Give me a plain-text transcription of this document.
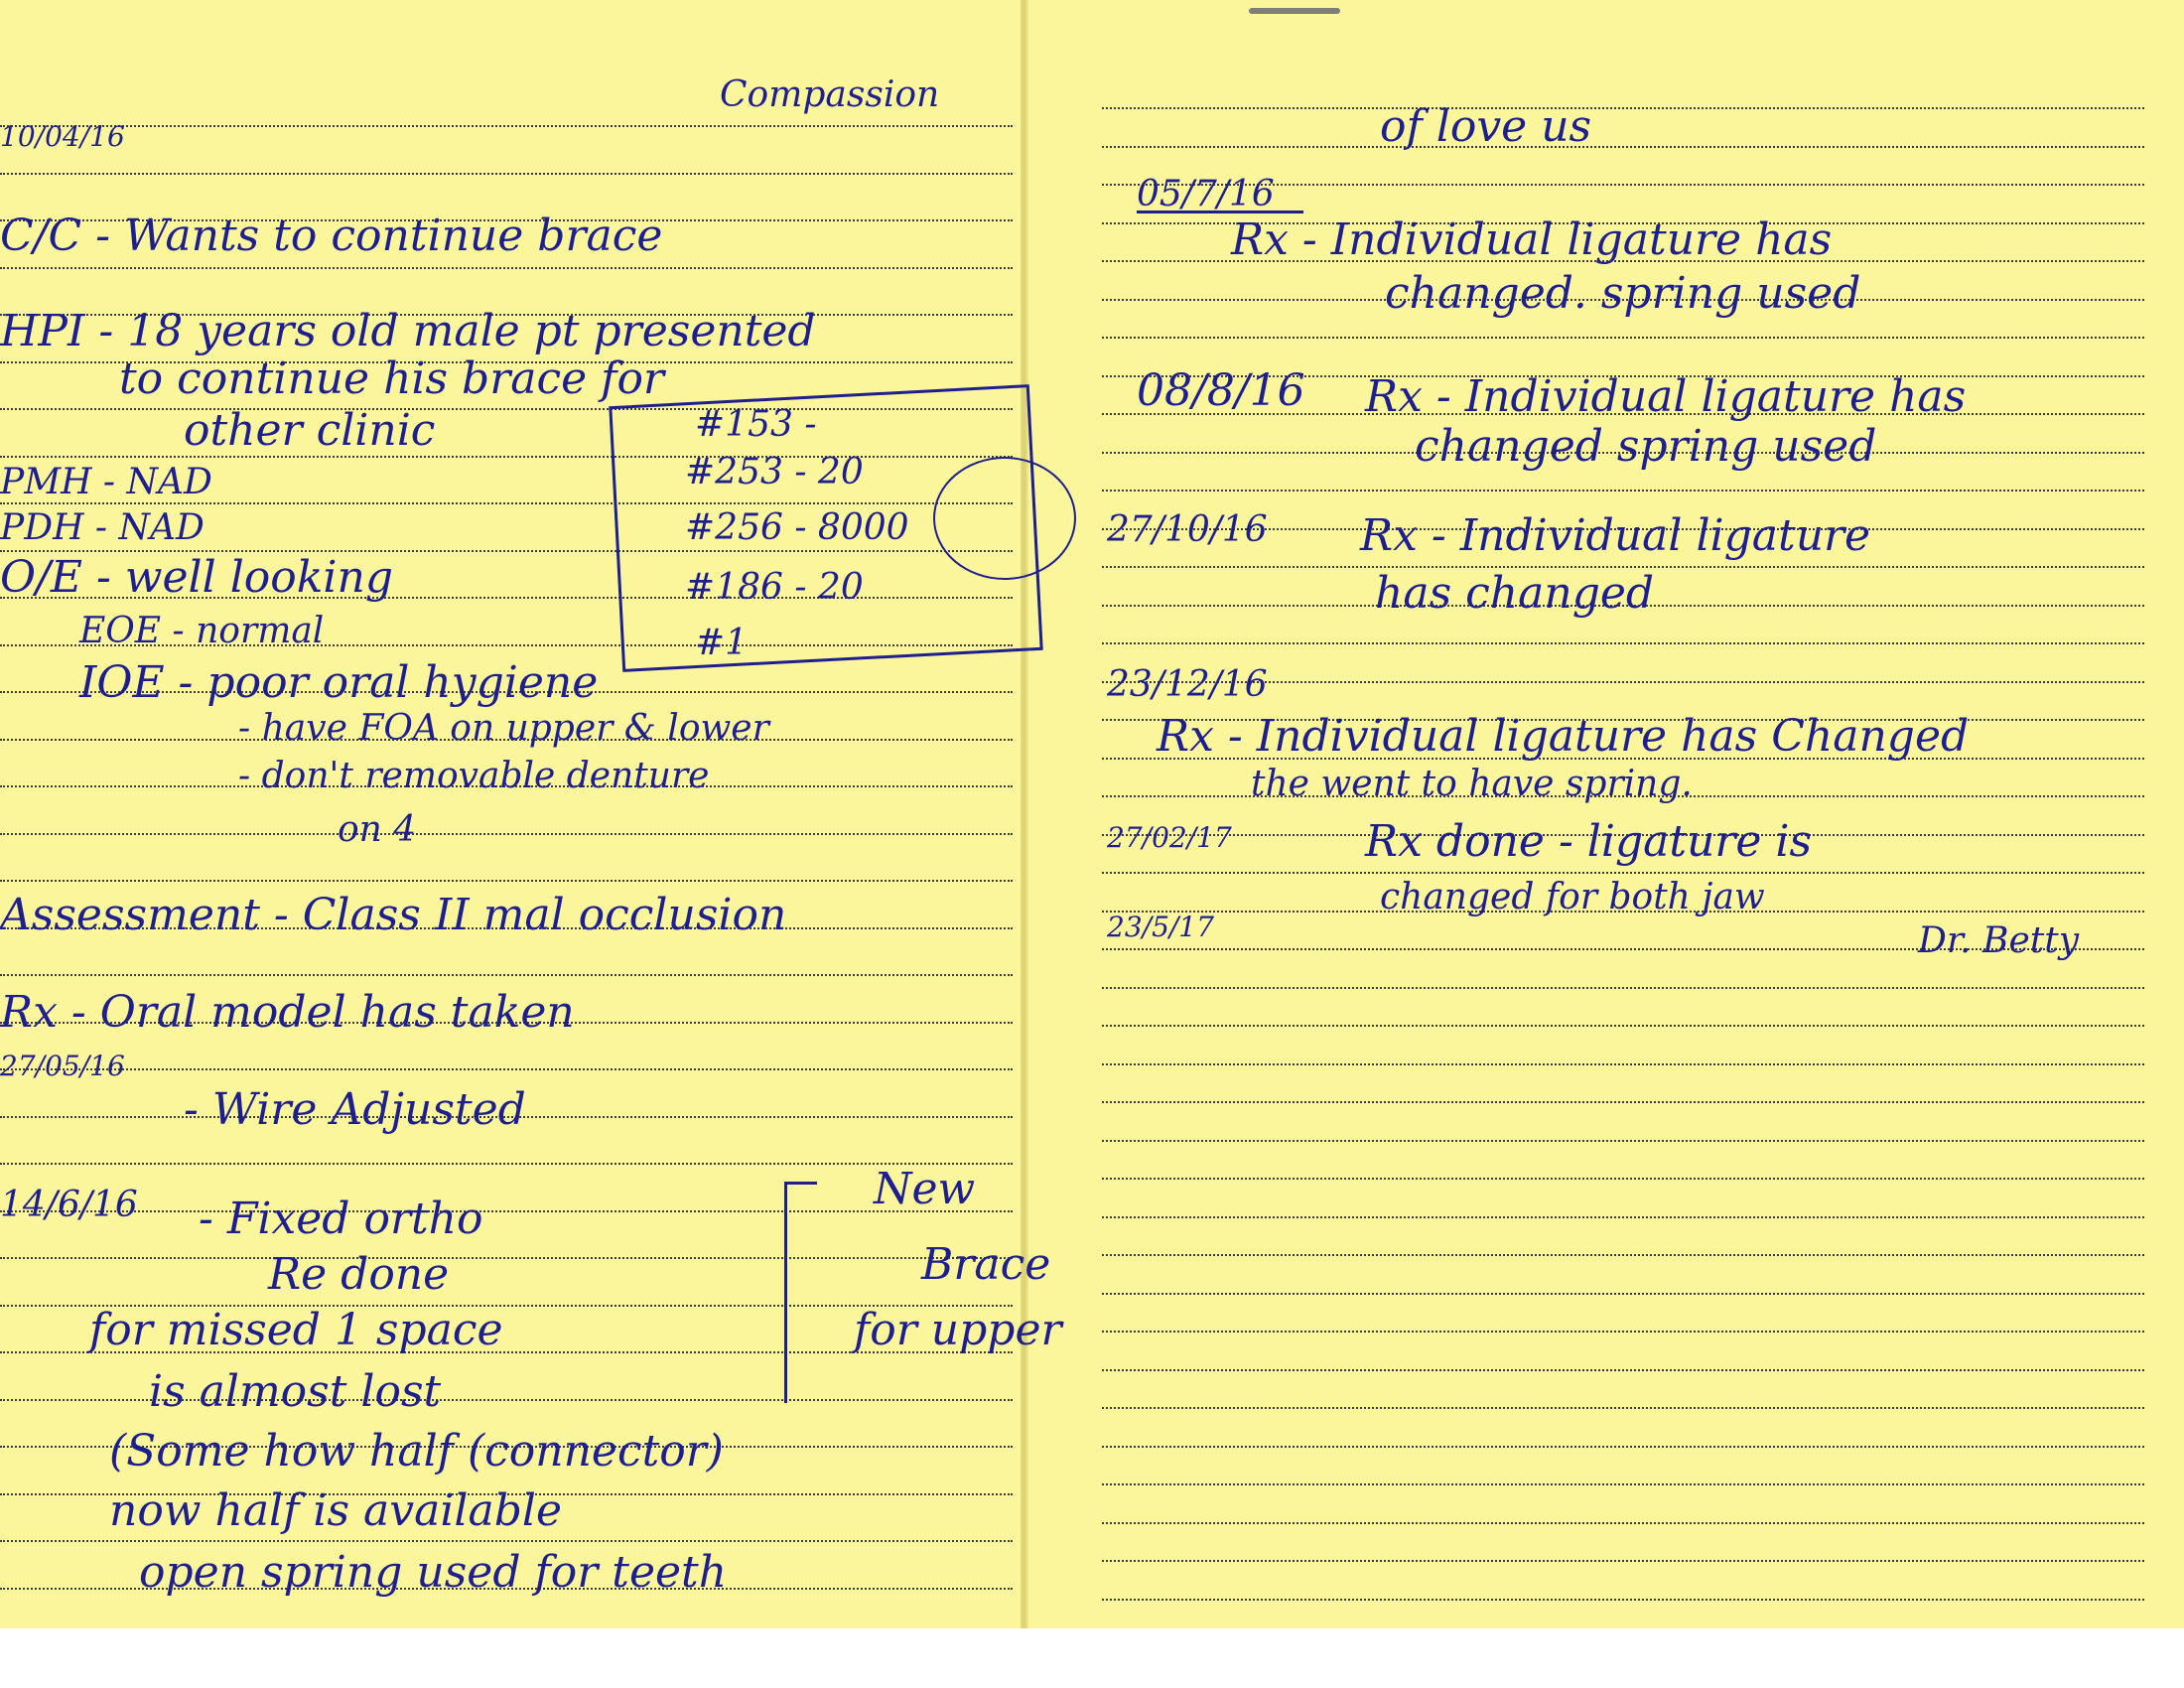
Compassion

10/04/16

C/C - Wants to continue brace

HPI - 18 years old male pt presented

to continue his brace for

other clinic

PMH - NAD

PDH - NAD

O/E - well looking

EOE - normal

IOE - poor oral hygiene

- have FOA on upper & lower

- don't removable denture

on 4

Assessment - Class II mal occlusion

Rx - Oral model has taken

27/05/16

- Wire Adjusted

14/6/16 - Fixed ortho

Re done

for missed 1 space

is almost lost

(Some how half (connector)

now half is available

open spring used for teeth

#153 -

#253 - 20

#256 - 8000

#186 - 20

#1

New

Brace

for upper

of love us

05/7/16

Rx - Individual ligature has

changed. spring used

08/8/16 Rx - Individual ligature has

changed spring used

27/10/16 Rx - Individual ligature

has changed

23/12/16

Rx - Individual ligature has Changed

the went to have spring.

27/02/17	Rx done - ligature is

changed for both jaw

23/5/17	Dr. Betty
